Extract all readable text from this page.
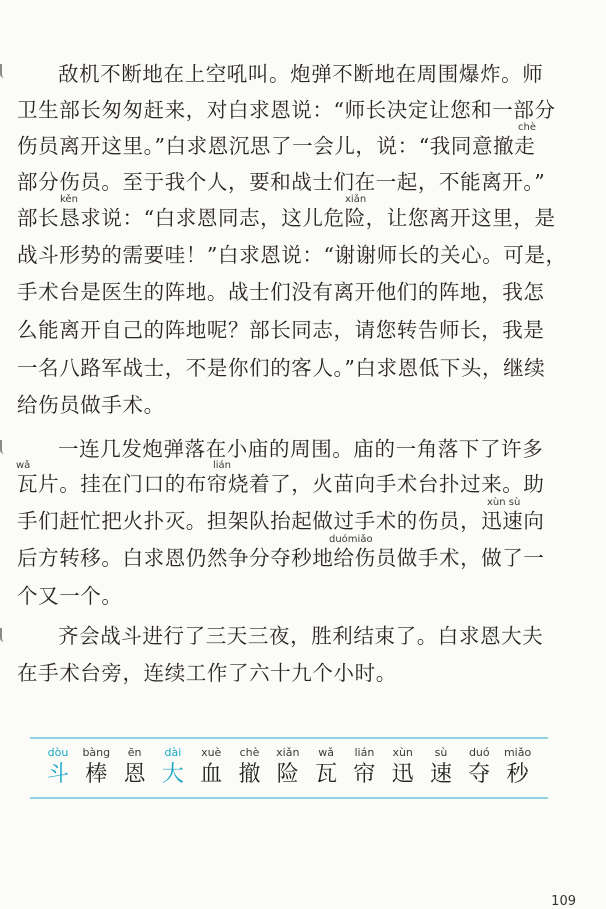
敌机不断地在上空吼叫。炮弹不断地在周围爆炸。师
卫生部长匆匆赶来，对白求恩说：“师长决定让您和一部分
chè
伤员离开这里。”白求恩沉思了一会儿，说：“我同意撤走
部分伤员。至于我个人，要和战士们在一起，不能离开。”
kěn	xiǎn
部长恳求说：“白求恩同志，这儿危险，让您离开这里，是
战斗形势的需要哇！”白求恩说：“谢谢师长的关心。可是，
手术台是医生的阵地。战士们没有离开他们的阵地，我怎
么能离开自己的阵地呢？部长同志，请您转告师长，我是
一名八路军战士，不是你们的客人。”白求恩低下头，继续
给伤员做手术。
一连几发炮弹落在小庙的周围。庙的一角落下了许多
wǎ	lián
瓦片。挂在门口的布帘烧着了，火苗向手术台扑过来。助
xùn sù
手们赶忙把火扑灭。担架队抬起做过手术的伤员，迅速向
duómiǎo
后方转移。白求恩仍然争分夺秒地给伤员做手术，做了一
个又一个。
齐会战斗进行了三天三夜，胜利结束了。白求恩大夫
在手术台旁，连续工作了六十九个小时。
dòu
斗
bàng
棒
ēn
恩
dài
大
xuè
血
chè
撤
xiǎn
险
wǎ
瓦
lián
帘
xùn
迅
sù
速
duó
夺
miǎo
秒
109
